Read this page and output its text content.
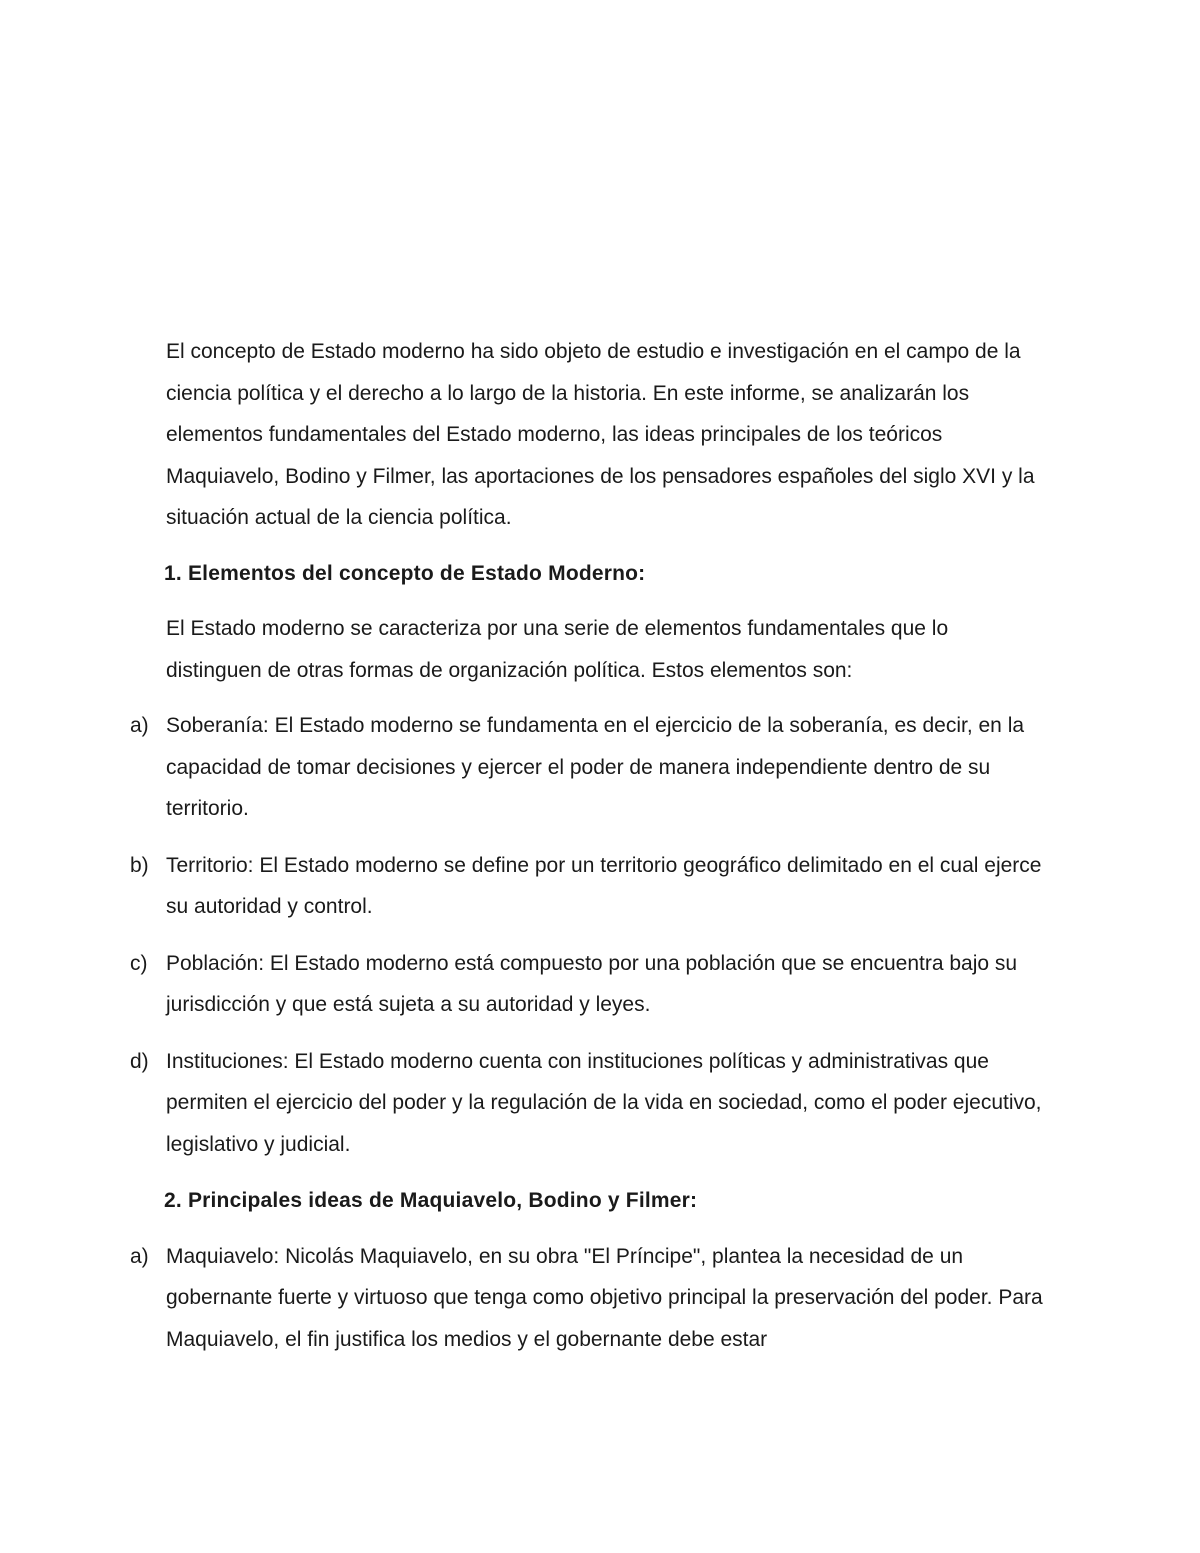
El concepto de Estado moderno ha sido objeto de estudio e investigación en el campo de la ciencia política y el derecho a lo largo de la historia. En este informe, se analizarán los elementos fundamentales del Estado moderno, las ideas principales de los teóricos Maquiavelo, Bodino y Filmer, las aportaciones de los pensadores españoles del siglo XVI y la situación actual de la ciencia política.

1. Elementos del concepto de Estado Moderno:

El Estado moderno se caracteriza por una serie de elementos fundamentales que lo distinguen de otras formas de organización política. Estos elementos son:

a) Soberanía: El Estado moderno se fundamenta en el ejercicio de la soberanía, es decir, en la capacidad de tomar decisiones y ejercer el poder de manera independiente dentro de su territorio.
b) Territorio: El Estado moderno se define por un territorio geográfico delimitado en el cual ejerce su autoridad y control.
c) Población: El Estado moderno está compuesto por una población que se encuentra bajo su jurisdicción y que está sujeta a su autoridad y leyes.
d) Instituciones: El Estado moderno cuenta con instituciones políticas y administrativas que permiten el ejercicio del poder y la regulación de la vida en sociedad, como el poder ejecutivo, legislativo y judicial.

2. Principales ideas de Maquiavelo, Bodino y Filmer:

a) Maquiavelo: Nicolás Maquiavelo, en su obra "El Príncipe", plantea la necesidad de un gobernante fuerte y virtuoso que tenga como objetivo principal la preservación del poder. Para Maquiavelo, el fin justifica los medios y el gobernante debe estar
